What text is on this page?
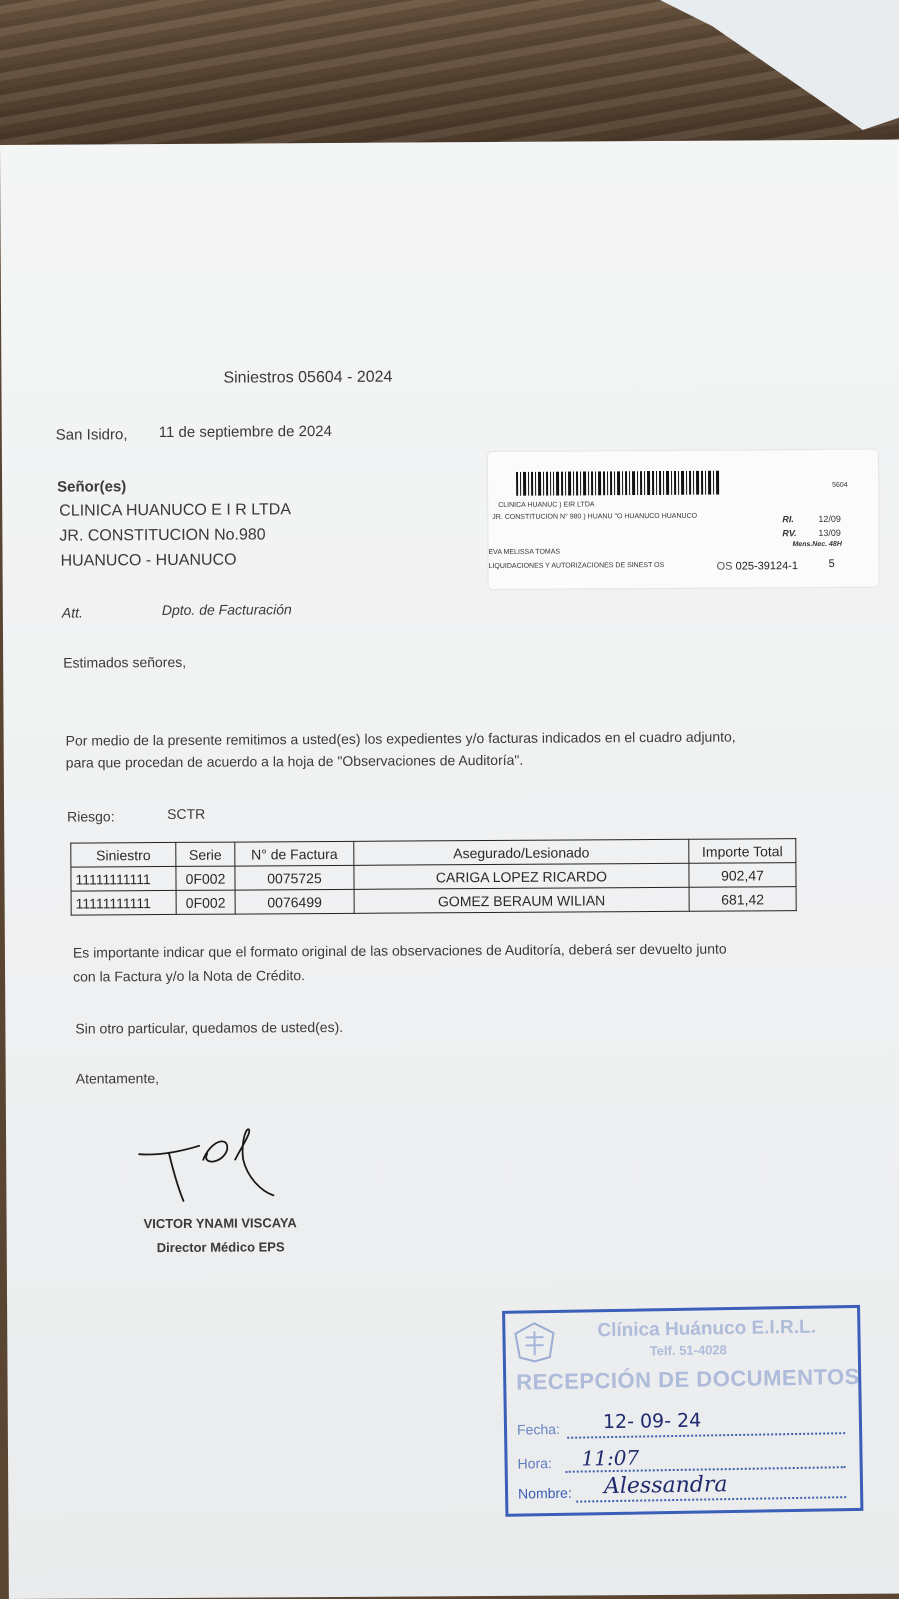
5604
CLINICA HUANUC ) EIR LTDA
JR. CONSTITUCION N° 980 ) HUANU "O HUANUCO HUANUCO	RI.	12/09
RV. 13/09
Mens.Nec. 48H
EVA MELISSA TOMAS
LIQUIDACIONES Y AUTORIZACIONES DE SINEST OS	OS 025-39124-1	5
Siniestros 05604 - 2024
San Isidro, 11 de septiembre de 2024
Señor(es)
CLINICA HUANUCO E I R LTDA
JR. CONSTITUCION No.980
HUANUCO - HUANUCO
Att.	Dpto. de Facturación
Estimados señores,
Por medio de la presente remitimos a usted(es) los expedientes y/o facturas indicados en el cuadro adjunto,
para que procedan de acuerdo a la hoja de "Observaciones de Auditoría".
Riesgo:	SCTR
Siniestro	Serie	N° de Factura	Asegurado/Lesionado	Importe Total
11111111111	0F002	0075725	CARIGA LOPEZ RICARDO	902,47
11111111111	0F002	0076499	GOMEZ BERAUM WILIAN	681,42
Es importante indicar que el formato original de las observaciones de Auditoría, deberá ser devuelto junto
con la Factura y/o la Nota de Crédito.
Sin otro particular, quedamos de usted(es).
Atentamente,
VICTOR YNAMI VISCAYA
Director Médico EPS
Clínica Huánuco E.I.R.L.
Telf. 51-4028
RECEPCIÓN DE DOCUMENTOS
Fecha: 12- 09- 24
Hora: 11:07
Nombre: Alessandra
